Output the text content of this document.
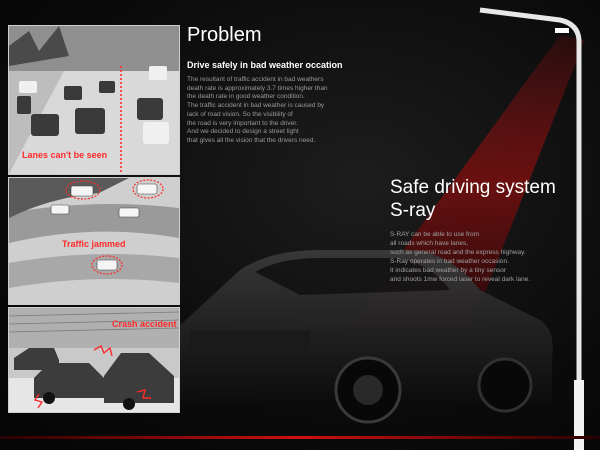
Lanes can't be seen
Traffic jammed
Crash accident
Problem
Drive safely in bad weather occation
The resultant of traffic accident in bad weathers
death rate is approximately 3.7 times higher than
the death rate in good weather condition.
The traffic accident in bad weather is caused by
lack of road vision. So the visibility of
the road is very important to the driver.
And we decided to design a street light
that gives all the vision that the drivers need.
Safe driving system
S-ray
S-RAY can be able to use from
all roads which have lanes,
such as general road and the express highway.
S-Ray operates in bad weather occasion.
It indicates bad weather by a tiny sensor
and shoots 1mw forced laser to reveal dark lane.
